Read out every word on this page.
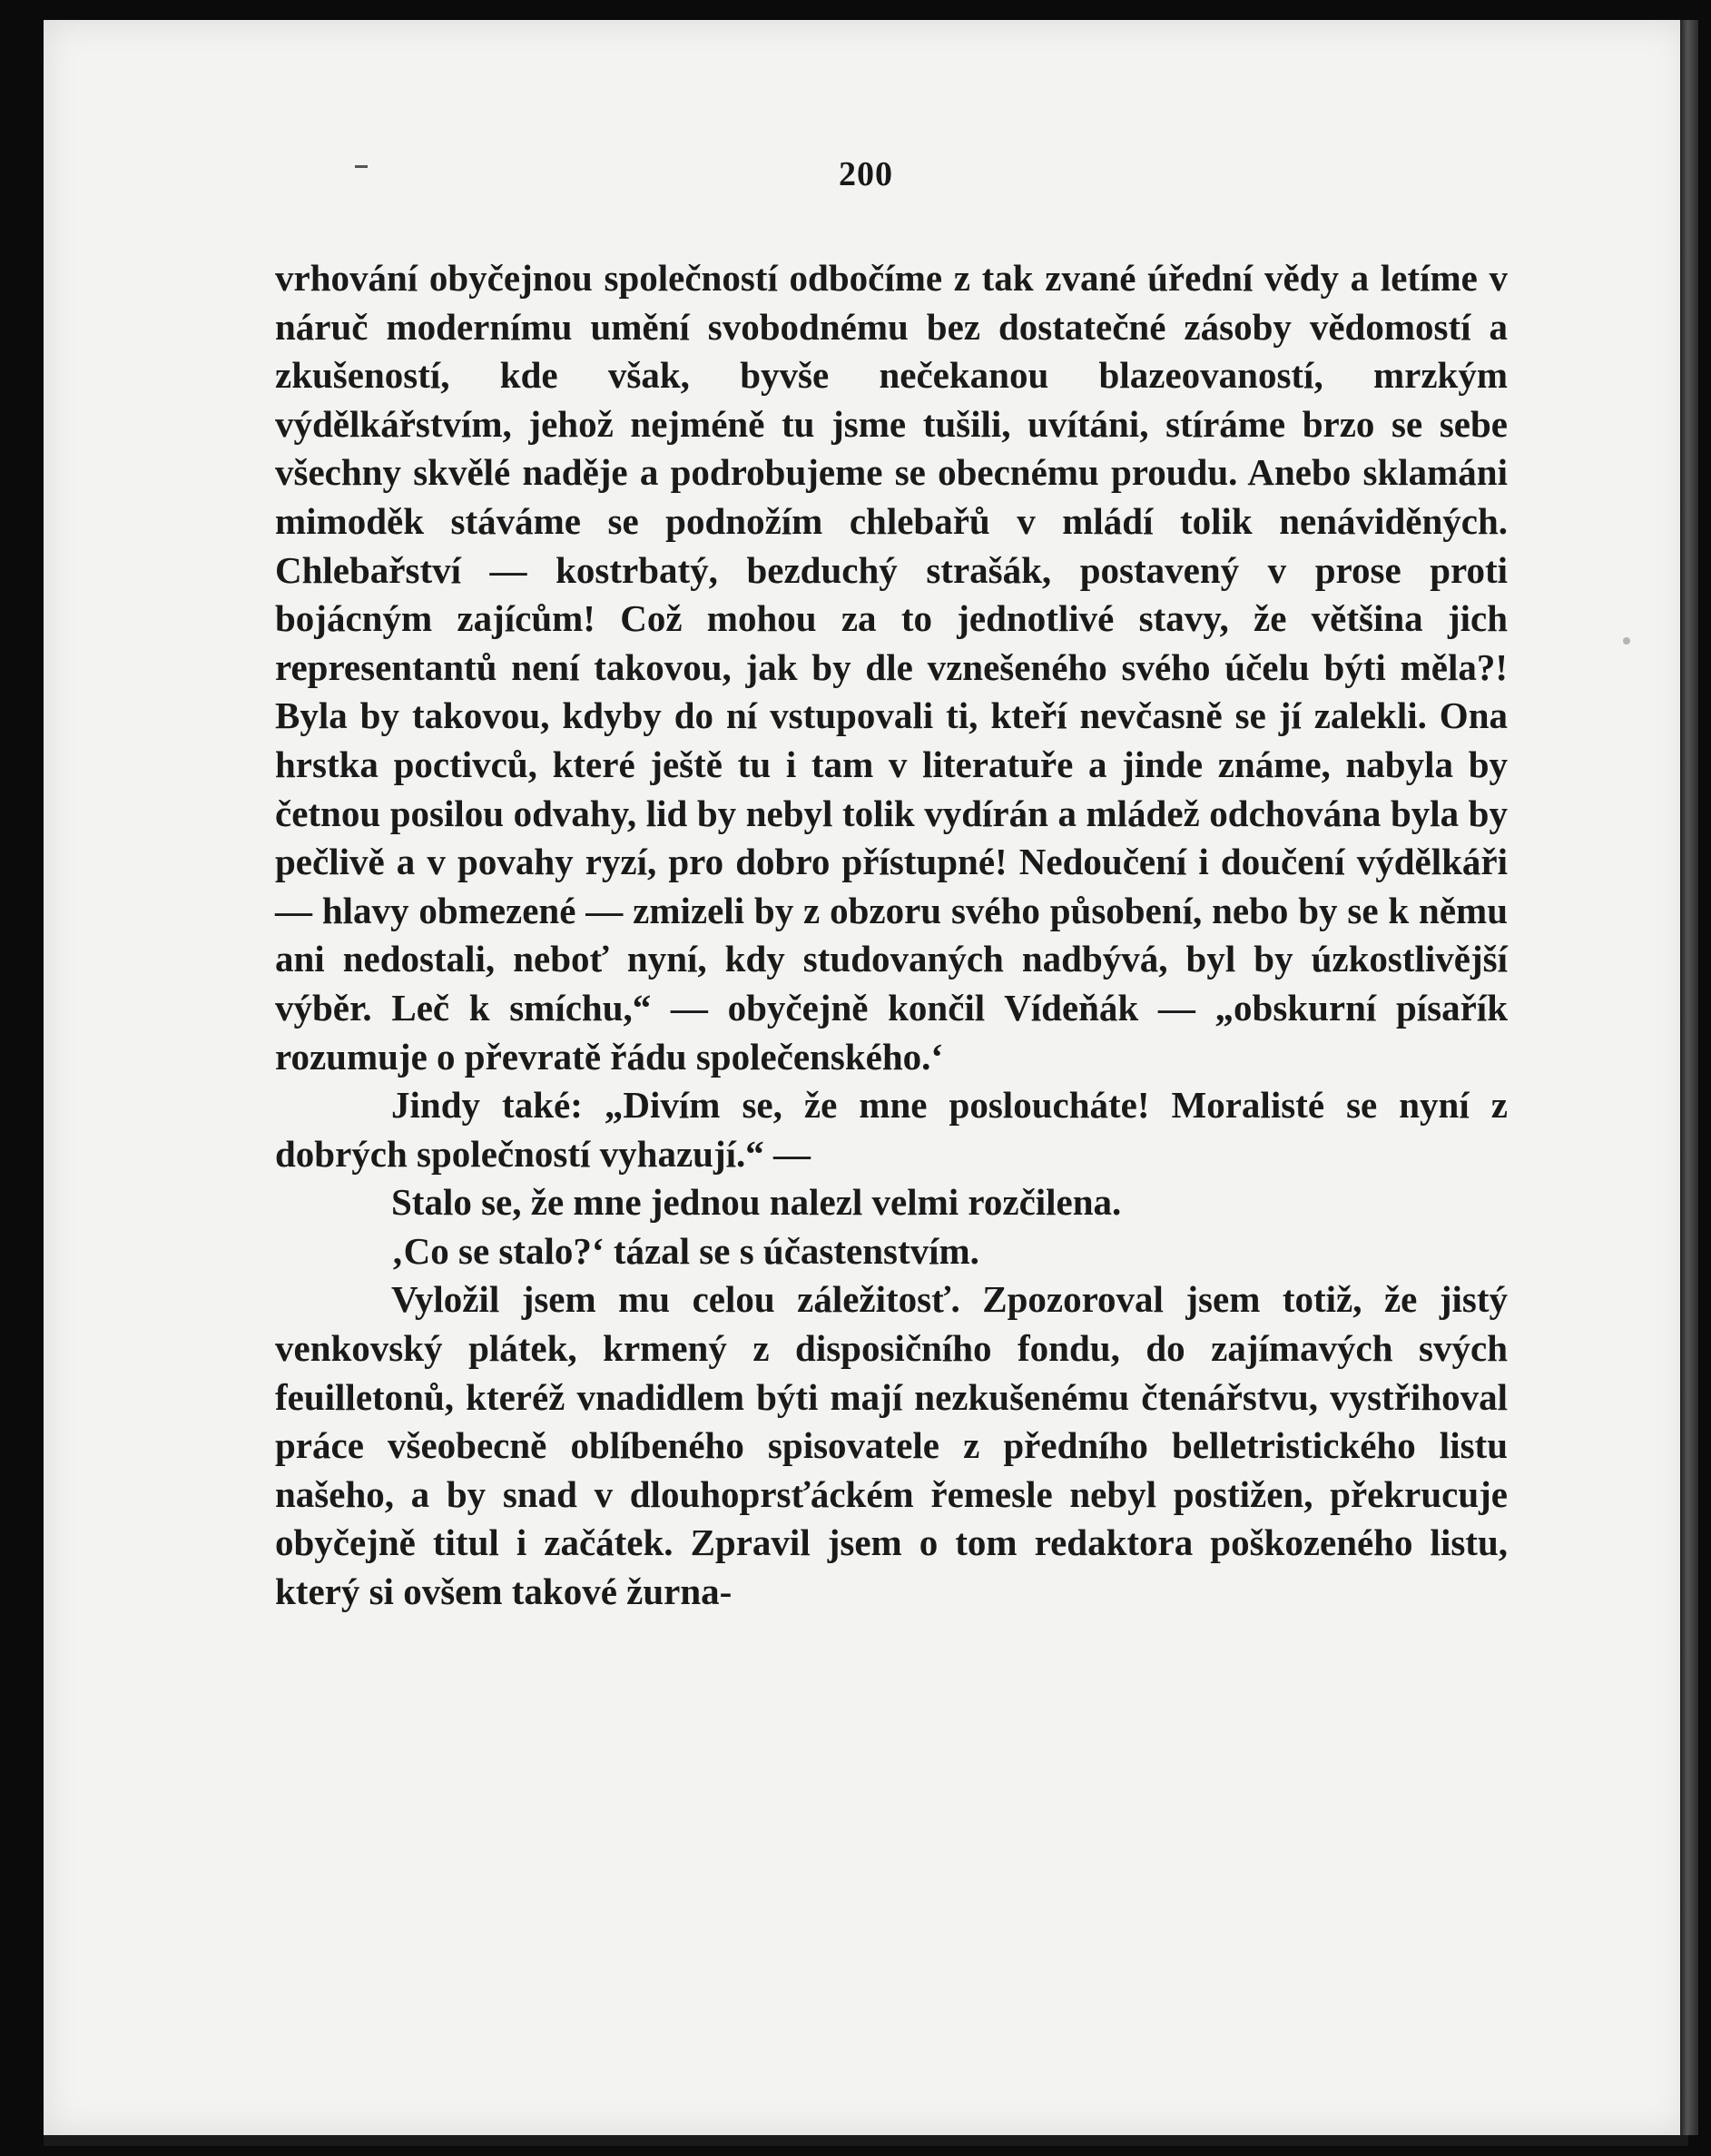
200

vrhování obyčejnou společností odbočíme z tak zvané úřední vědy a letíme v náruč modernímu umění svobodnému bez dostatečné zásoby vědomostí a zkušeností, kde však, byvše nečekanou blazeovaností, mrzkým výdělkářstvím, jehož nejméně tu jsme tušili, uvítáni, stíráme brzo se sebe všechny skvělé naděje a podrobujeme se obecnému proudu. Anebo sklamáni mimoděk stáváme se podnožím chlebařů v mládí tolik nenáviděných. Chlebařství — kostrbatý, bezduchý strašák, postavený v prose proti bojácným zajícům! Což mohou za to jednotlivé stavy, že většina jich representantů není takovou, jak by dle vznešeného svého účelu býti měla?! Byla by takovou, kdyby do ní vstupovali ti, kteří nevčasně se jí zalekli. Ona hrstka poctivců, které ještě tu i tam v literatuře a jinde známe, nabyla by četnou posilou odvahy, lid by nebyl tolik vydírán a mládež odchována byla by pečlivě a v povahy ryzí, pro dobro přístupné! Nedoučení i doučení výdělkáři — hlavy obmezené — zmizeli by z obzoru svého působení, nebo by se k němu ani nedostali, neboť nyní, kdy studovaných nadbývá, byl by úzkostlivější výběr. Leč k smíchu,“ — obyčejně končil Vídeňák — „obskurní písařík rozumuje o převratě řádu společenského.‘

Jindy také: „Divím se, že mne posloucháte! Moralisté se nyní z dobrých společností vyhazují.“ —

Stalo se, že mne jednou nalezl velmi rozčilena.

‚Co se stalo?‘ tázal se s účastenstvím.

Vyložil jsem mu celou záležitosť. Zpozoroval jsem totiž, že jistý venkovský plátek, krmený z disposičního fondu, do zajímavých svých feuilletonů, kteréž vnadidlem býti mají nezkušenému čtenářstvu, vystřihoval práce všeobecně oblíbeného spisovatele z předního belletristického listu našeho, a by snad v dlouhoprsťáckém řemesle nebyl postižen, překrucuje obyčejně titul i začátek. Zpravil jsem o tom redaktora poškozeného listu, který si ovšem takové žurna-
